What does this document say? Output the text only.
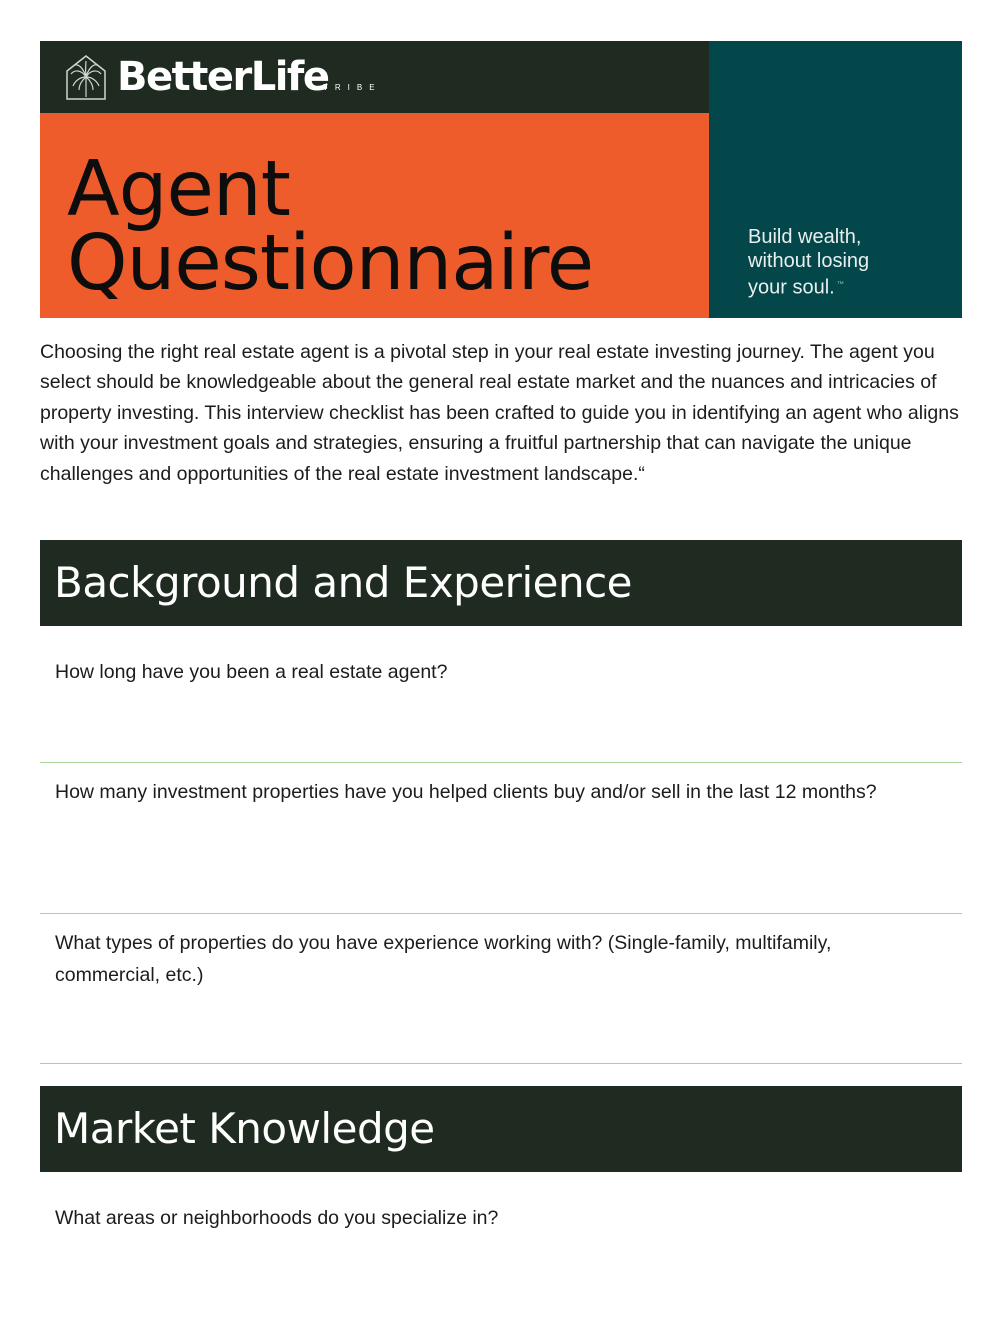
BetterLife
TRIBE
Agent
Questionnaire	Build wealth,
without losing
your soul. ™
Choosing the right real estate agent is a pivotal step in your real estate investing journey. The agent you select should be knowledgeable about the general real estate market and the nuances and intricacies of property investing. This interview checklist has been crafted to guide you in identifying an agent who aligns with your investment goals and strategies, ensuring a fruitful partnership that can navigate the unique challenges and opportunities of the real estate investment landscape.“
Background and Experience
How long have you been a real estate agent?
How many investment properties have you helped clients buy and/or sell in the last 12 months?
What types of properties do you have experience working with? (Single-family, multifamily, commercial, etc.)
Market Knowledge
What areas or neighborhoods do you specialize in?
